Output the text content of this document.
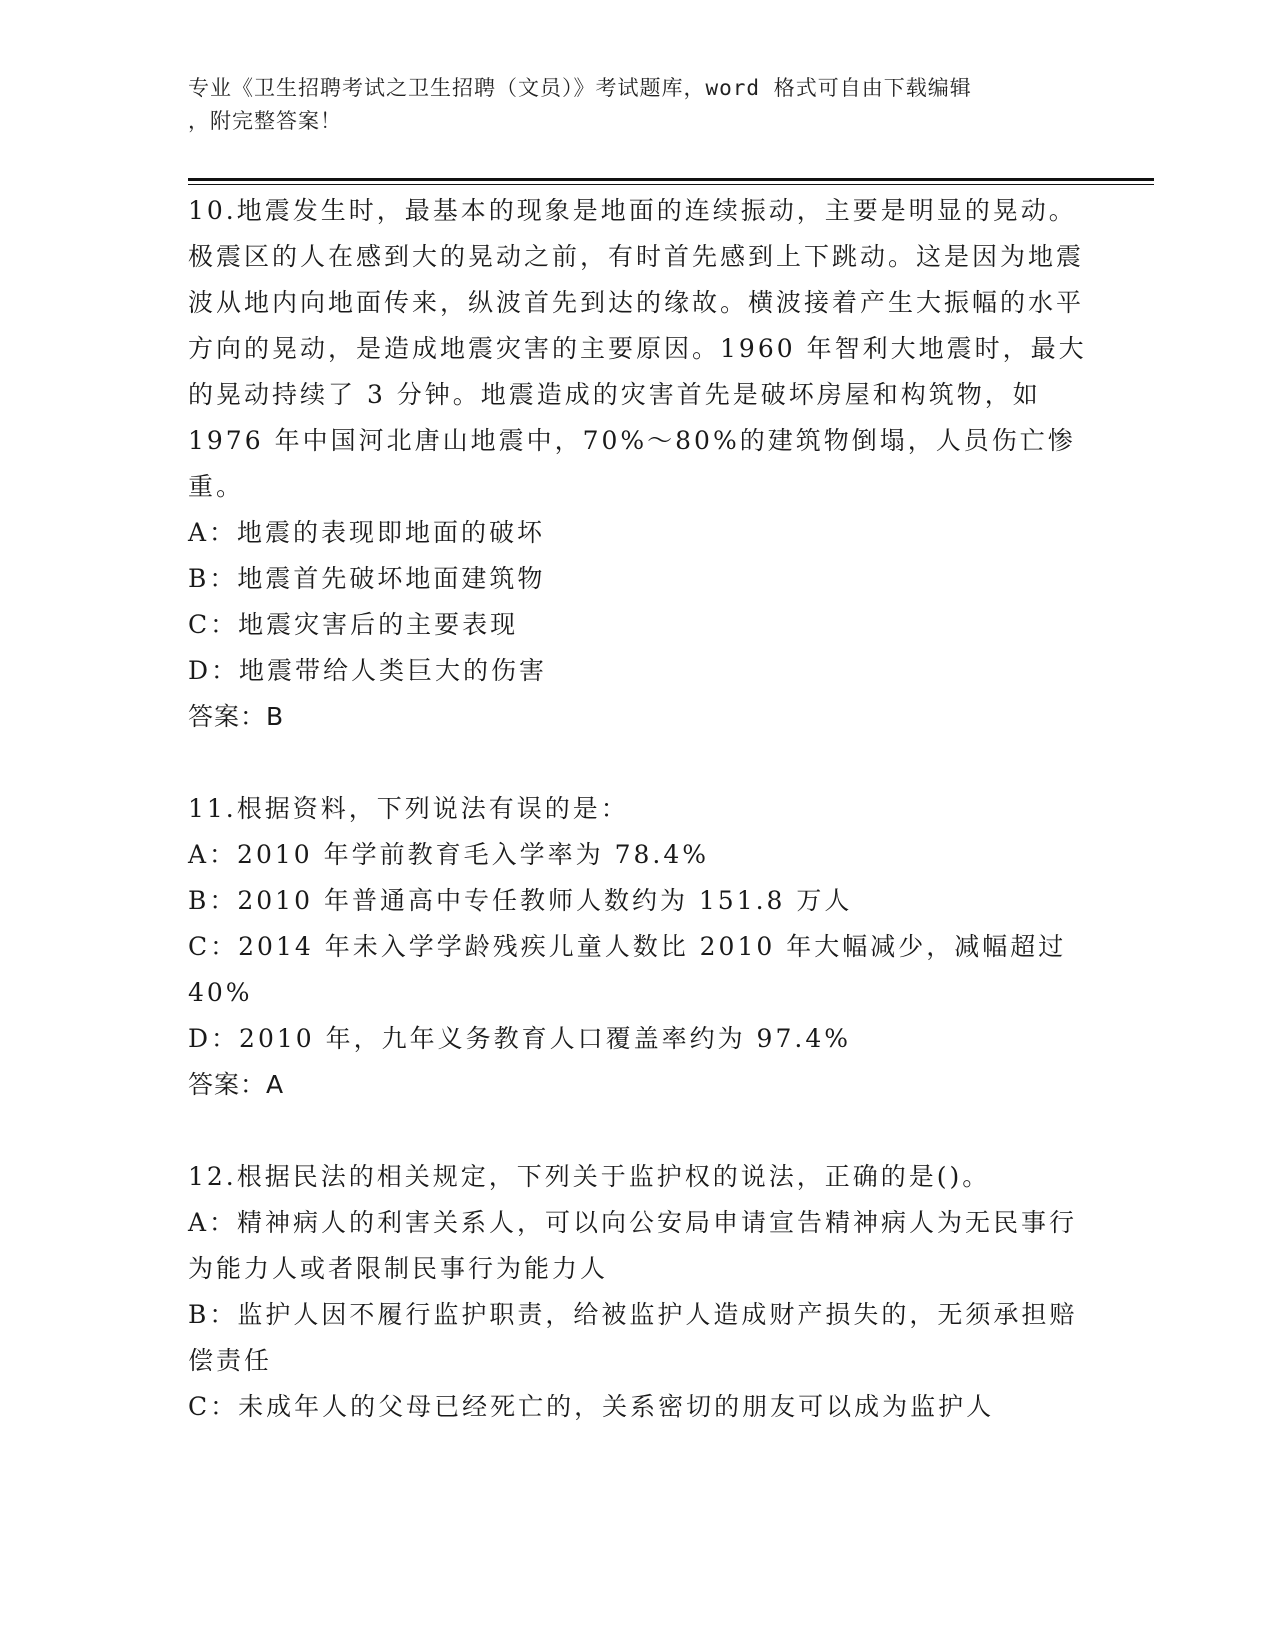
专业《卫生招聘考试之卫生招聘（文员）》考试题库，word 格式可自由下载编辑
，附完整答案！
10.地震发生时，最基本的现象是地面的连续振动，主要是明显的晃动。极震区的人在感到大的晃动之前，有时首先感到上下跳动。这是因为地震波从地内向地面传来，纵波首先到达的缘故。横波接着产生大振幅的水平方向的晃动，是造成地震灾害的主要原因。1960 年智利大地震时，最大的晃动持续了 3 分钟。地震造成的灾害首先是破坏房屋和构筑物，如 1976 年中国河北唐山地震中，70%～80%的建筑物倒塌，人员伤亡惨重。
A：地震的表现即地面的破坏
B：地震首先破坏地面建筑物
C：地震灾害后的主要表现
D：地震带给人类巨大的伤害
答案：B
11.根据资料，下列说法有误的是：
A：2010 年学前教育毛入学率为 78.4%
B：2010 年普通高中专任教师人数约为 151.8 万人
C：2014 年未入学学龄残疾儿童人数比 2010 年大幅减少，减幅超过40%
D：2010 年，九年义务教育人口覆盖率约为 97.4%
答案：A
12.根据民法的相关规定，下列关于监护权的说法，正确的是()。
A：精神病人的利害关系人，可以向公安局申请宣告精神病人为无民事行为能力人或者限制民事行为能力人
B：监护人因不履行监护职责，给被监护人造成财产损失的，无须承担赔偿责任
C：未成年人的父母已经死亡的，关系密切的朋友可以成为监护人
